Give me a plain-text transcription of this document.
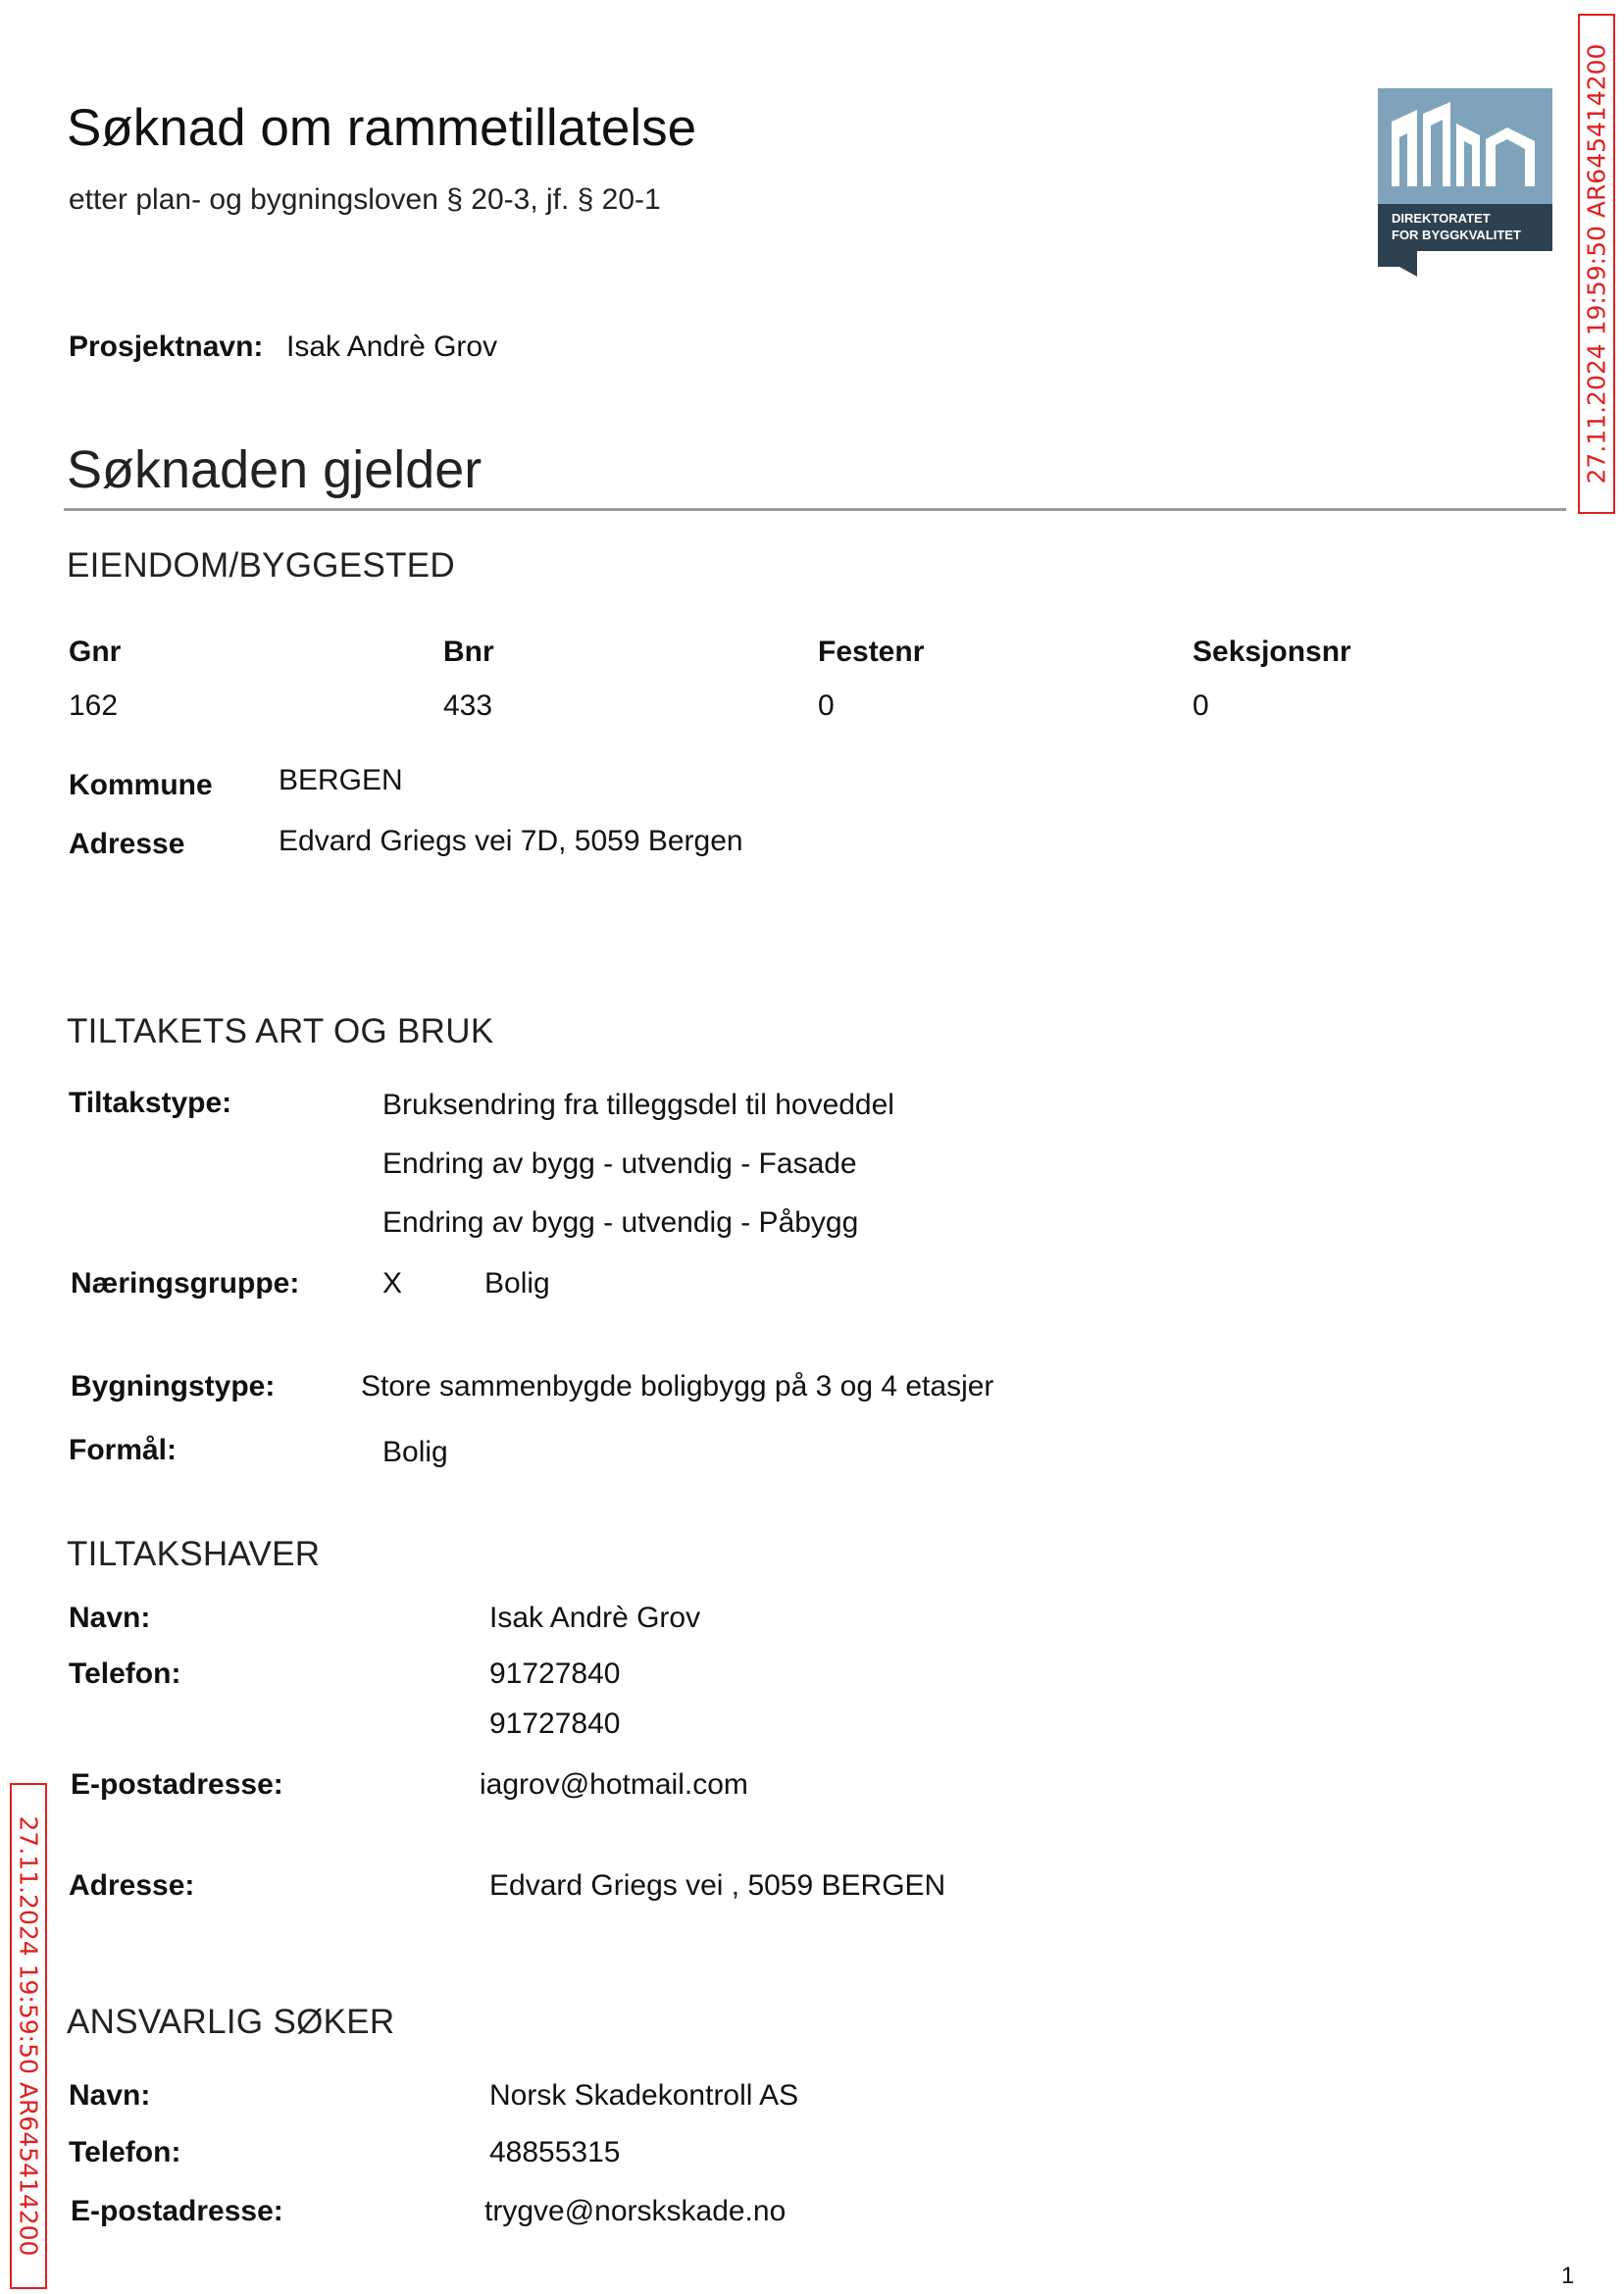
Søknad om rammetillatelse
etter plan- og bygningsloven § 20-3, jf. § 20-1
DIREKTORATET
FOR BYGGKVALITET
Prosjektnavn: Isak Andrè Grov
Søknaden gjelder
EIENDOM/BYGGESTED
Gnr	Bnr	Festenr	Seksjonsnr
162	433	0	0
Kommune BERGEN
Adresse	Edvard Griegs vei 7D, 5059 Bergen
TILTAKETS ART OG BRUK
Tiltakstype:	Bruksendring fra tilleggsdel til hoveddel
Endring av bygg - utvendig - Fasade
Endring av bygg - utvendig - Påbygg
Næringsgruppe:	X	Bolig
Bygningstype:	Store sammenbygde boligbygg på 3 og 4 etasjer
Formål:	Bolig
TILTAKSHAVER
Navn:	Isak Andrè Grov
Telefon:	91727840
91727840
E-postadresse:	iagrov@hotmail.com
Adresse:	Edvard Griegs vei , 5059 BERGEN
ANSVARLIG SØKER
Navn:	Norsk Skadekontroll AS
Telefon:	48855315
E-postadresse:	trygve@norskskade.no
27.11.2024 19:59:50 AR645414200
27.11.2024 19:59:50 AR645414200
1
